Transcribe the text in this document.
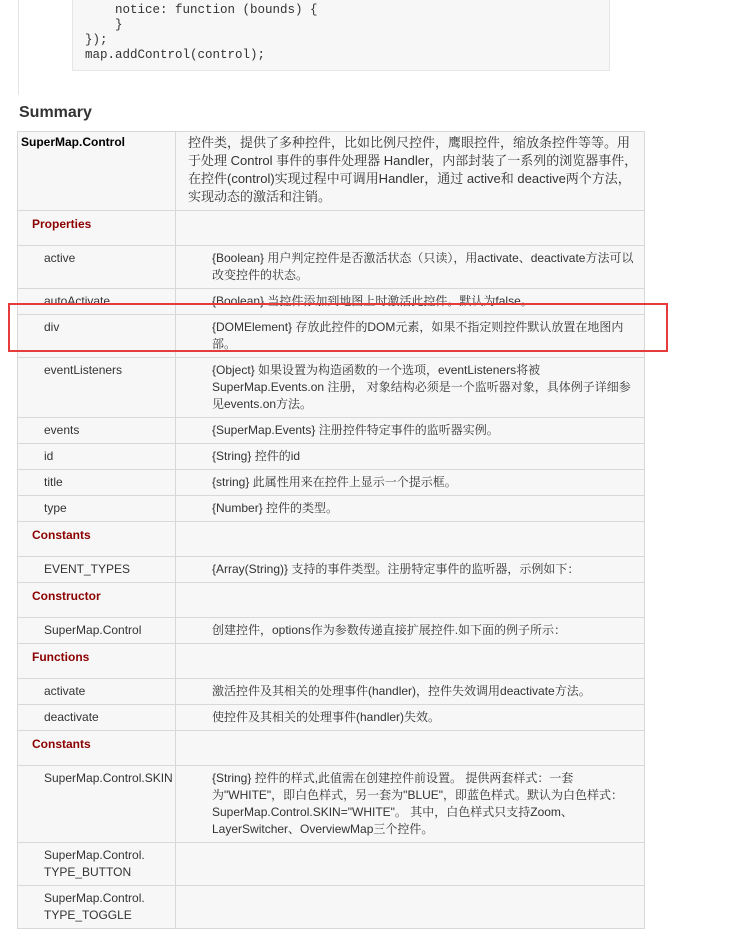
notice: function (bounds) {
}
});
map.addControl(control);
Summary
SuperMap.Control	控件类，提供了多种控件，比如比例尺控件，鹰眼控件，缩放条控件等等。用于处理 Control 事件的事件处理器 Handler，内部封装了一系列的浏览器事件，在控件(control)实现过程中可调用Handler，通过 active和 deactive两个方法，实现动态的激活和注销。
Properties	
active	{Boolean} 用户判定控件是否激活状态（只读），用activate、deactivate方法可以改变控件的状态。
autoActivate	{Boolean} 当控件添加到地图上时激活此控件。默认为false。
div	{DOMElement} 存放此控件的DOM元素，如果不指定则控件默认放置在地图内部。
eventListeners	{Object} 如果设置为构造函数的一个选项，eventListeners将被SuperMap.Events.on 注册， 对象结构必须是一个监听器对象，具体例子详细参见events.on方法。
events	{SuperMap.Events} 注册控件特定事件的监听器实例。
id	{String} 控件的id
title	{string} 此属性用来在控件上显示一个提示框。
type	{Number} 控件的类型。
Constants	
EVENT_TYPES	{Array(String)} 支持的事件类型。注册特定事件的监听器，示例如下：
Constructor	
SuperMap.Control	创建控件，options作为参数传递直接扩展控件.如下面的例子所示：
Functions	
activate	激活控件及其相关的处理事件(handler)，控件失效调用deactivate方法。
deactivate	使控件及其相关的处理事件(handler)失效。
Constants	
SuperMap.Control.SKIN	{String} 控件的样式,此值需在创建控件前设置。 提供两套样式：一套为"WHITE"，即白色样式，另一套为"BLUE"，即蓝色样式。默认为白色样式：SuperMap.Control.SKIN="WHITE"。 其中，白色样式只支持Zoom、LayerSwitcher、OverviewMap三个控件。
SuperMap.Control.
TYPE_BUTTON	
SuperMap.Control.
TYPE_TOGGLE	
